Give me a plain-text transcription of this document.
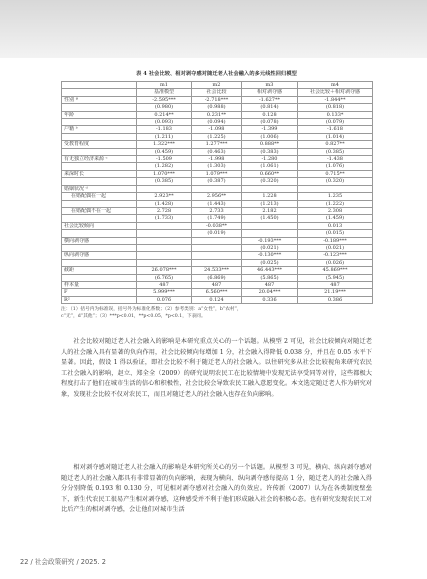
表 4 社会比较、相对剥夺感对随迁老人社会融入的多元线性回归模型
	m1	m2	m3	m4
	基准模型	社会比较	相对剥夺感	社会比较＋相对剥夺感
性别 ª	-2.595***	-2.718***	-1.627**	-1.844**
	(0.980)	(0.988)	(0.814)	(0.818)
年龄	0.214**	0.231**	0.128	0.133*
	(0.093)	(0.094)	(0.078)	(0.079)
户籍 ᵇ	-1.183	-1.098	-1.399	-1.618
	(1.211)	(1.225)	(1.006)	(1.014)
受教育程度	1.322***	1.277***	0.888**	0.827**
	(0.459)	(0.463)	(0.383)	(0.385)
有无独立经济来源 ᶜ	-1.509	-1.998	-1.280	-1.438
	(1.282)	(1.303)	(1.061)	(1.076)
来深时长	1.070***	1.079***	0.660**	0.715**
	(0.385)	(0.387)	(0.320)	(0.320)
婚姻状况 ᵈ				
在婚配偶在一起	2.923**	2.956**	1.228	1.235
	(1.428)	(1.443)	(1.213)	(1.222)
在婚配偶不在一起	2.728	2.733	2.182	2.308
	(1.733)	(1.749)	(1.450)	(1.459)
社会比较倾向		-0.038**		0.013
		(0.019)		(0.015)
横向剥夺感			-0.193***	-0.189***
			(0.021)	(0.021)
纵向剥夺感			-0.130***	-0.123***
			(0.025)	(0.026)
截距	26.078***	24.533***	46.443***	45.869***
	(6.765)	(6.869)	(5.865)	(5.945)
样本量	487	487	487	487
F	5.999***	6.560***	20.04***	21.19***
R²	0.076	0.124	0.336	0.386
注：（1）括号内为标准误，括号外为标准化系数；（2）参考类别：a“女性”，b“农村”，
c“无”，d“其他”；（3）***p<0.01，**p<0.05，*p<0.1，下表同。

社会比较对随迁老人社会融入的影响是本研究重点关心的一个话题。从模型 2 可见，社会比较倾向对随迁老人的社会融入具有显著的负向作用，社会比较倾向每增加 1 分，社会融入得降低 0.038 分，并且在 0.05 水平下显著。因此，假设 1 得以验证，即社会比较不利于随迁老人的社会融入。以往研究多从社会比较视角来研究农民工社会融入的影响，赵立、郑全全（2009）的研究说明农民工在比较情境中发现无法享受同等对待，这些都极大程度打击了他们在城市生活的信心和积极性，社会比较会导致农民工融入意愿变化。本文选定随迁老人作为研究对象，发现社会比较不仅对农民工，而且对随迁老人的社会融入也存在负向影响。

相对剥夺感对随迁老人社会融入的影响是本研究所关心的另一个话题。从模型 3 可见，横向、纵向剥夺感对随迁老人的社会融入都具有非常显著的负向影响，表现为横向、纵向剥夺感每提高 1 分，随迁老人的社会融入得分分别降低 0.193 和 0.130 分，可见相对剥夺感对社会融入的负效应。许传新（2007）认为在各类制度壁垒下，新生代农民工很易产生相对剥夺感，这种感受并不利于他们形成融入社会的积极心态。也有研究发现农民工对比后产生的相对剥夺感，会让他们对城市生活

22 / 社会政策研究 / 2025. 2
